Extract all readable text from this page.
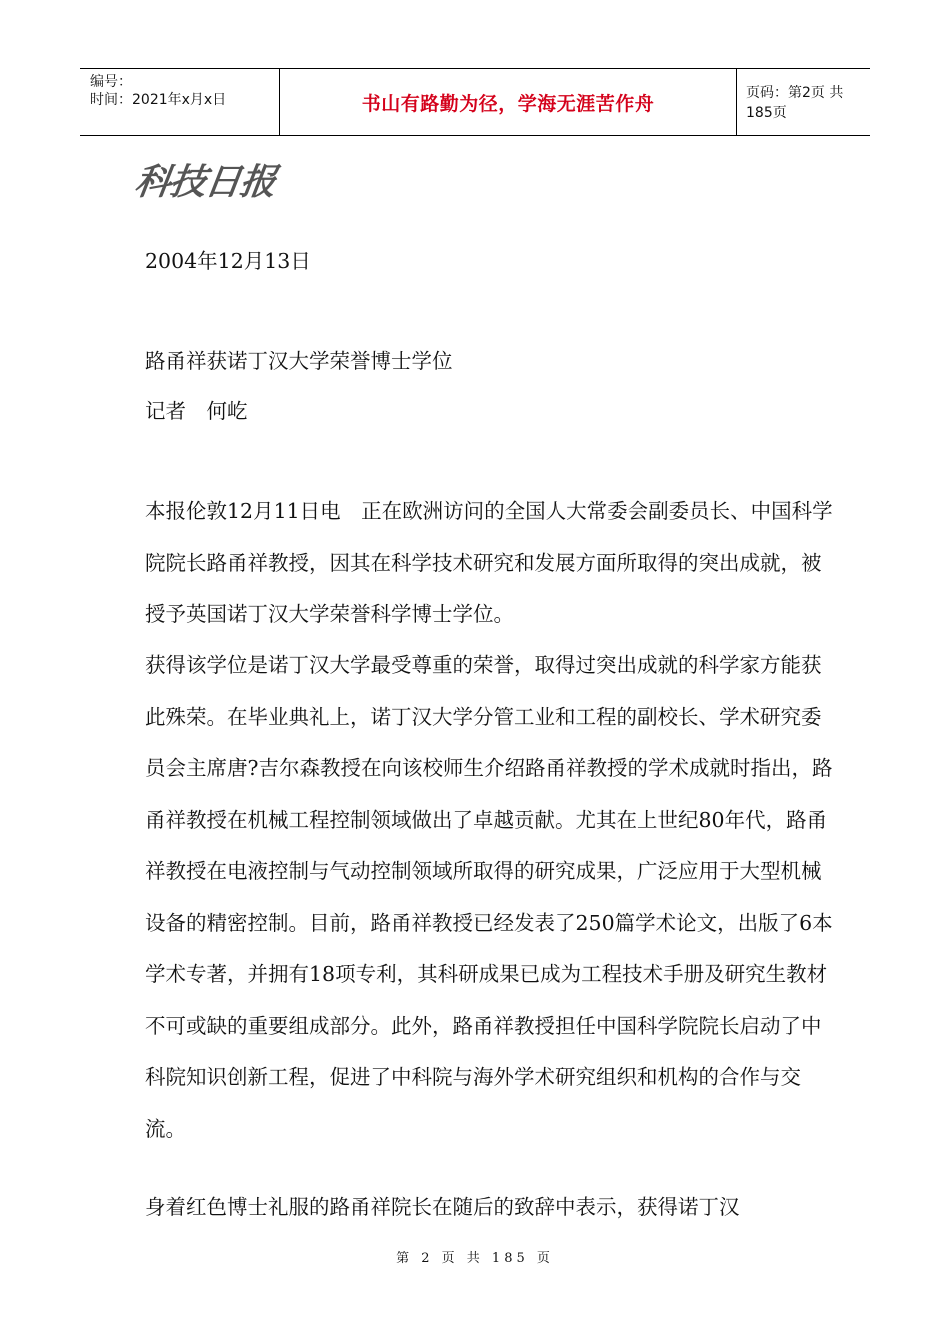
编号：
时间：2021年x月x日	书山有路勤为径，学海无涯苦作舟	页码：第2页 共185页
科技日报
2004年12月13日
路甬祥获诺丁汉大学荣誉博士学位
记者　何屹

本报伦敦12月11日电　正在欧洲访问的全国人大常委会副委员长、中国科学院院长路甬祥教授，因其在科学技术研究和发展方面所取得的突出成就，被授予英国诺丁汉大学荣誉科学博士学位。

获得该学位是诺丁汉大学最受尊重的荣誉，取得过突出成就的科学家方能获此殊荣。在毕业典礼上，诺丁汉大学分管工业和工程的副校长、学术研究委员会主席唐?吉尔森教授在向该校师生介绍路甬祥教授的学术成就时指出，路甬祥教授在机械工程控制领域做出了卓越贡献。尤其在上世纪80年代，路甬祥教授在电液控制与气动控制领域所取得的研究成果，广泛应用于大型机械设备的精密控制。目前，路甬祥教授已经发表了250篇学术论文，出版了6本学术专著，并拥有18项专利，其科研成果已成为工程技术手册及研究生教材不可或缺的重要组成部分。此外，路甬祥教授担任中国科学院院长启动了中科院知识创新工程，促进了中科院与海外学术研究组织和机构的合作与交流。

身着红色博士礼服的路甬祥院长在随后的致辞中表示，获得诺丁汉

第 2 页 共 185 页
